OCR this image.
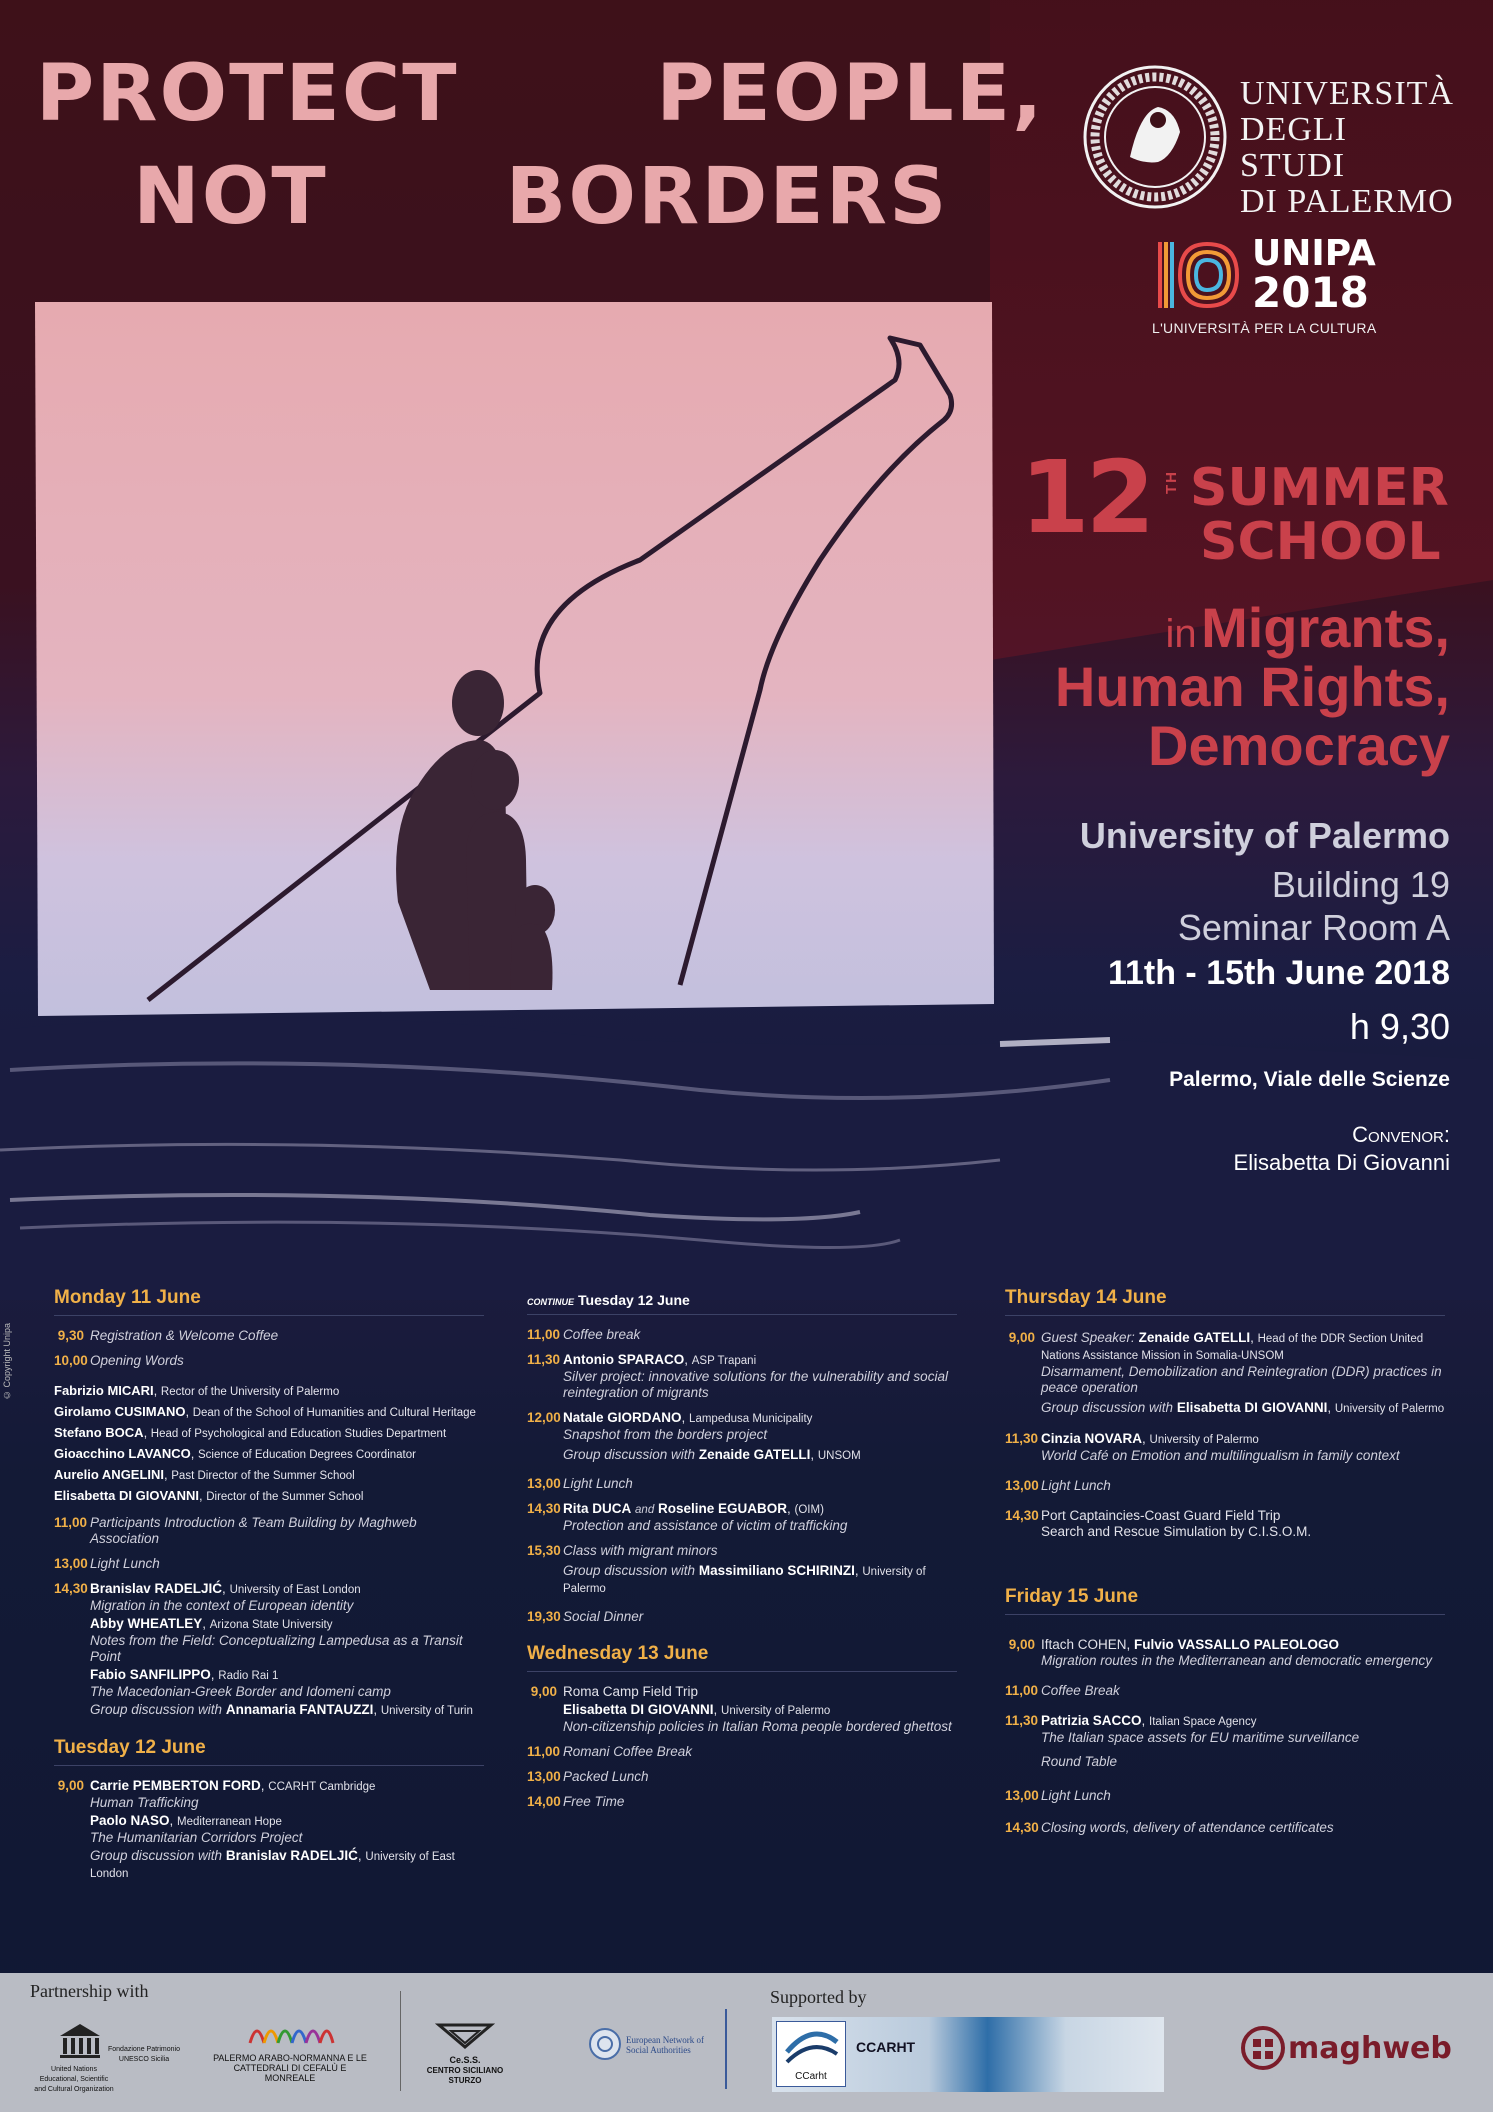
PROTECT	PEOPLE,
NOT BORDERS
© Copyright Unipa
UNIVERSITÀ
DEGLI STUDI
DI PALERMO
UNIPA
2018
L'UNIVERSITÀ PER LA CULTURA
12 TH SUMMER
SCHOOL
in Migrants,
Human Rights,
Democracy
University of Palermo
Building 19
Seminar Room A
11th - 15th June 2018
h 9,30
Palermo, Viale delle Scienze
Convenor:
Elisabetta Di Giovanni
Monday 11 June
9,30 Registration & Welcome Coffee
10,00 Opening Words
Fabrizio MICARI, Rector of the University of Palermo
Girolamo CUSIMANO, Dean of the School of Humanities and Cultural Heritage
Stefano BOCA, Head of Psychological and Education Studies Department
Gioacchino LAVANCO, Science of Education Degrees Coordinator
Aurelio ANGELINI, Past Director of the Summer School
Elisabetta DI GIOVANNI, Director of the Summer School
11,00 Participants Introduction & Team Building by Maghweb Association
13,00 Light Lunch
14,30 Branislav RADELJIĆ, University of East London
Migration in the context of European identity
Abby WHEATLEY, Arizona State University
Notes from the Field: Conceptualizing Lampedusa as a Transit Point
Fabio SANFILIPPO, Radio Rai 1
The Macedonian-Greek Border and Idomeni camp
Group discussion with Annamaria FANTAUZZI, University of Turin
Tuesday 12 June
9,00 Carrie PEMBERTON FORD, CCARHT Cambridge
Human Trafficking
Paolo NASO, Mediterranean Hope
The Humanitarian Corridors Project
Group discussion with Branislav RADELJIĆ, University of East London
CONTINUE Tuesday 12 June
11,00 Coffee break
11,30 Antonio SPARACO, ASP Trapani
Silver project: innovative solutions for the vulnerability and social reintegration of migrants
12,00 Natale GIORDANO, Lampedusa Municipality
Snapshot from the borders project
Group discussion with Zenaide GATELLI, UNSOM
13,00 Light Lunch
14,30 Rita DUCA and Roseline EGUABOR, (OIM)
Protection and assistance of victim of trafficking
15,30 Class with migrant minors
Group discussion with Massimiliano SCHIRINZI, University of Palermo
19,30 Social Dinner
Wednesday 13 June
9,00 Roma Camp Field Trip
Elisabetta DI GIOVANNI, University of Palermo
Non-citizenship policies in Italian Roma people bordered ghettost
11,00 Romani Coffee Break
13,00 Packed Lunch
14,00 Free Time
Thursday 14 June
9,00 Guest Speaker: Zenaide GATELLI, Head of the DDR Section United Nations Assistance Mission in Somalia-UNSOM
Disarmament, Demobilization and Reintegration (DDR) practices in peace operation
Group discussion with Elisabetta DI GIOVANNI, University of Palermo
11,30 Cinzia NOVARA, University of Palermo
World Café on Emotion and multilingualism in family context
13,00 Light Lunch
14,30 Port Captaincies-Coast Guard Field Trip
Search and Rescue Simulation by C.I.S.O.M.
Friday 15 June
9,00 Iftach COHEN, Fulvio VASSALLO PALEOLOGO
Migration routes in the Mediterranean and democratic emergency
11,00 Coffee Break
11,30 Patrizia SACCO, Italian Space Agency
The Italian space assets for EU maritime surveillance
Round Table
13,00 Light Lunch
14,30 Closing words, delivery of attendance certificates
Partnership with	Supported by
United Nations Educational, Scientific and Cultural Organization
Fondazione Patrimonio UNESCO Sicilia	PALERMO ARABO-NORMANNA E LE CATTEDRALI DI CEFALÙ E MONREALE
Ce.S.S.
CENTRO SICILIANO STURZO
European Network of Social Authorities
CCarht
CCARHT	maghweb
